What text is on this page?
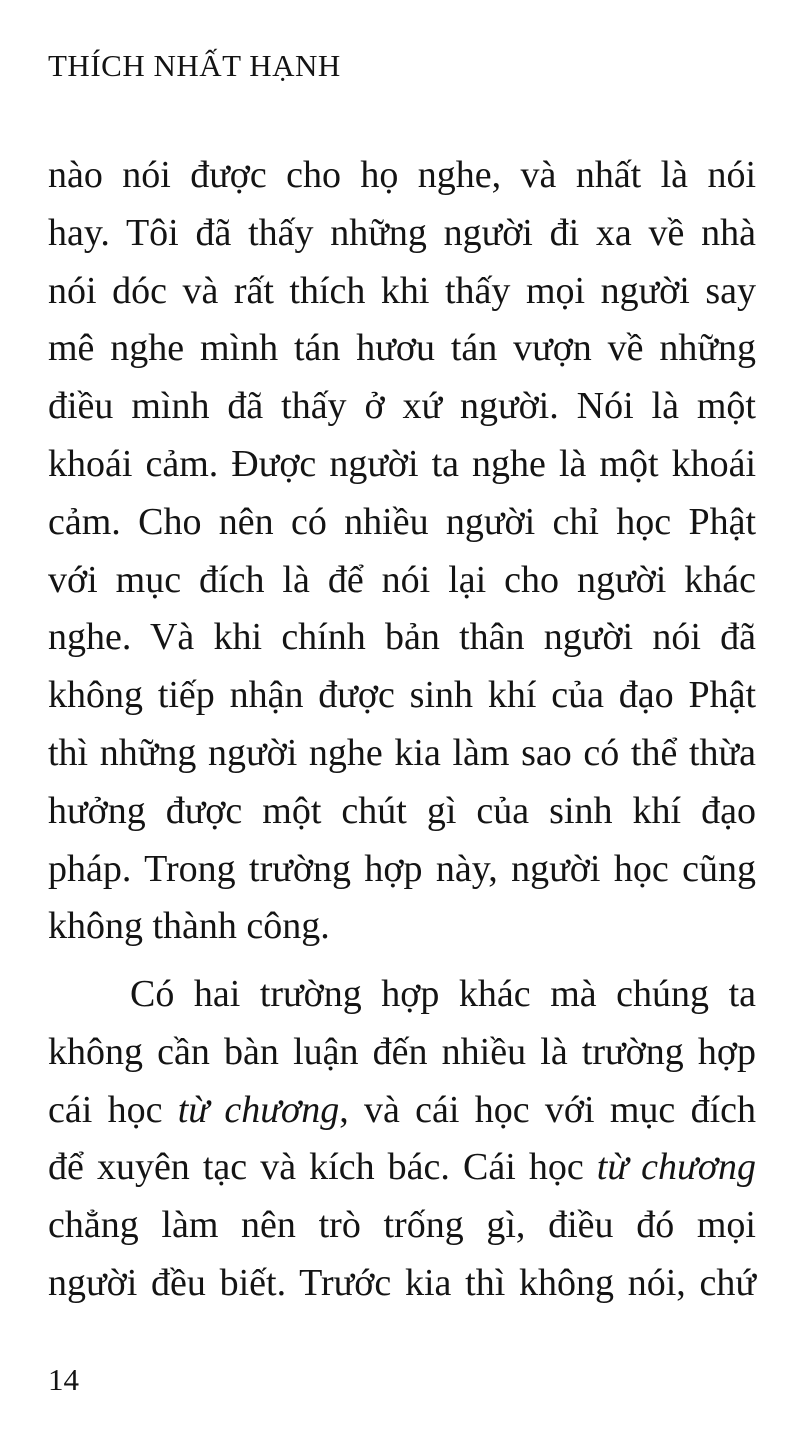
THÍCH NHẤT HẠNH
nào nói được cho họ nghe, và nhất là nói
hay. Tôi đã thấy những người đi xa về nhà
nói dóc và rất thích khi thấy mọi người say
mê nghe mình tán hươu tán vượn về những
điều mình đã thấy ở xứ người. Nói là một
khoái cảm. Được người ta nghe là một khoái
cảm. Cho nên có nhiều người chỉ học Phật
với mục đích là để nói lại cho người khác
nghe. Và khi chính bản thân người nói đã
không tiếp nhận được sinh khí của đạo Phật
thì những người nghe kia làm sao có thể thừa
hưởng được một chút gì của sinh khí đạo
pháp. Trong trường hợp này, người học cũng
không thành công.
Có hai trường hợp khác mà chúng ta
không cần bàn luận đến nhiều là trường hợp
cái học từ chương, và cái học với mục đích
để xuyên tạc và kích bác. Cái học từ chương
chẳng làm nên trò trống gì, điều đó mọi
người đều biết. Trước kia thì không nói, chứ
14
